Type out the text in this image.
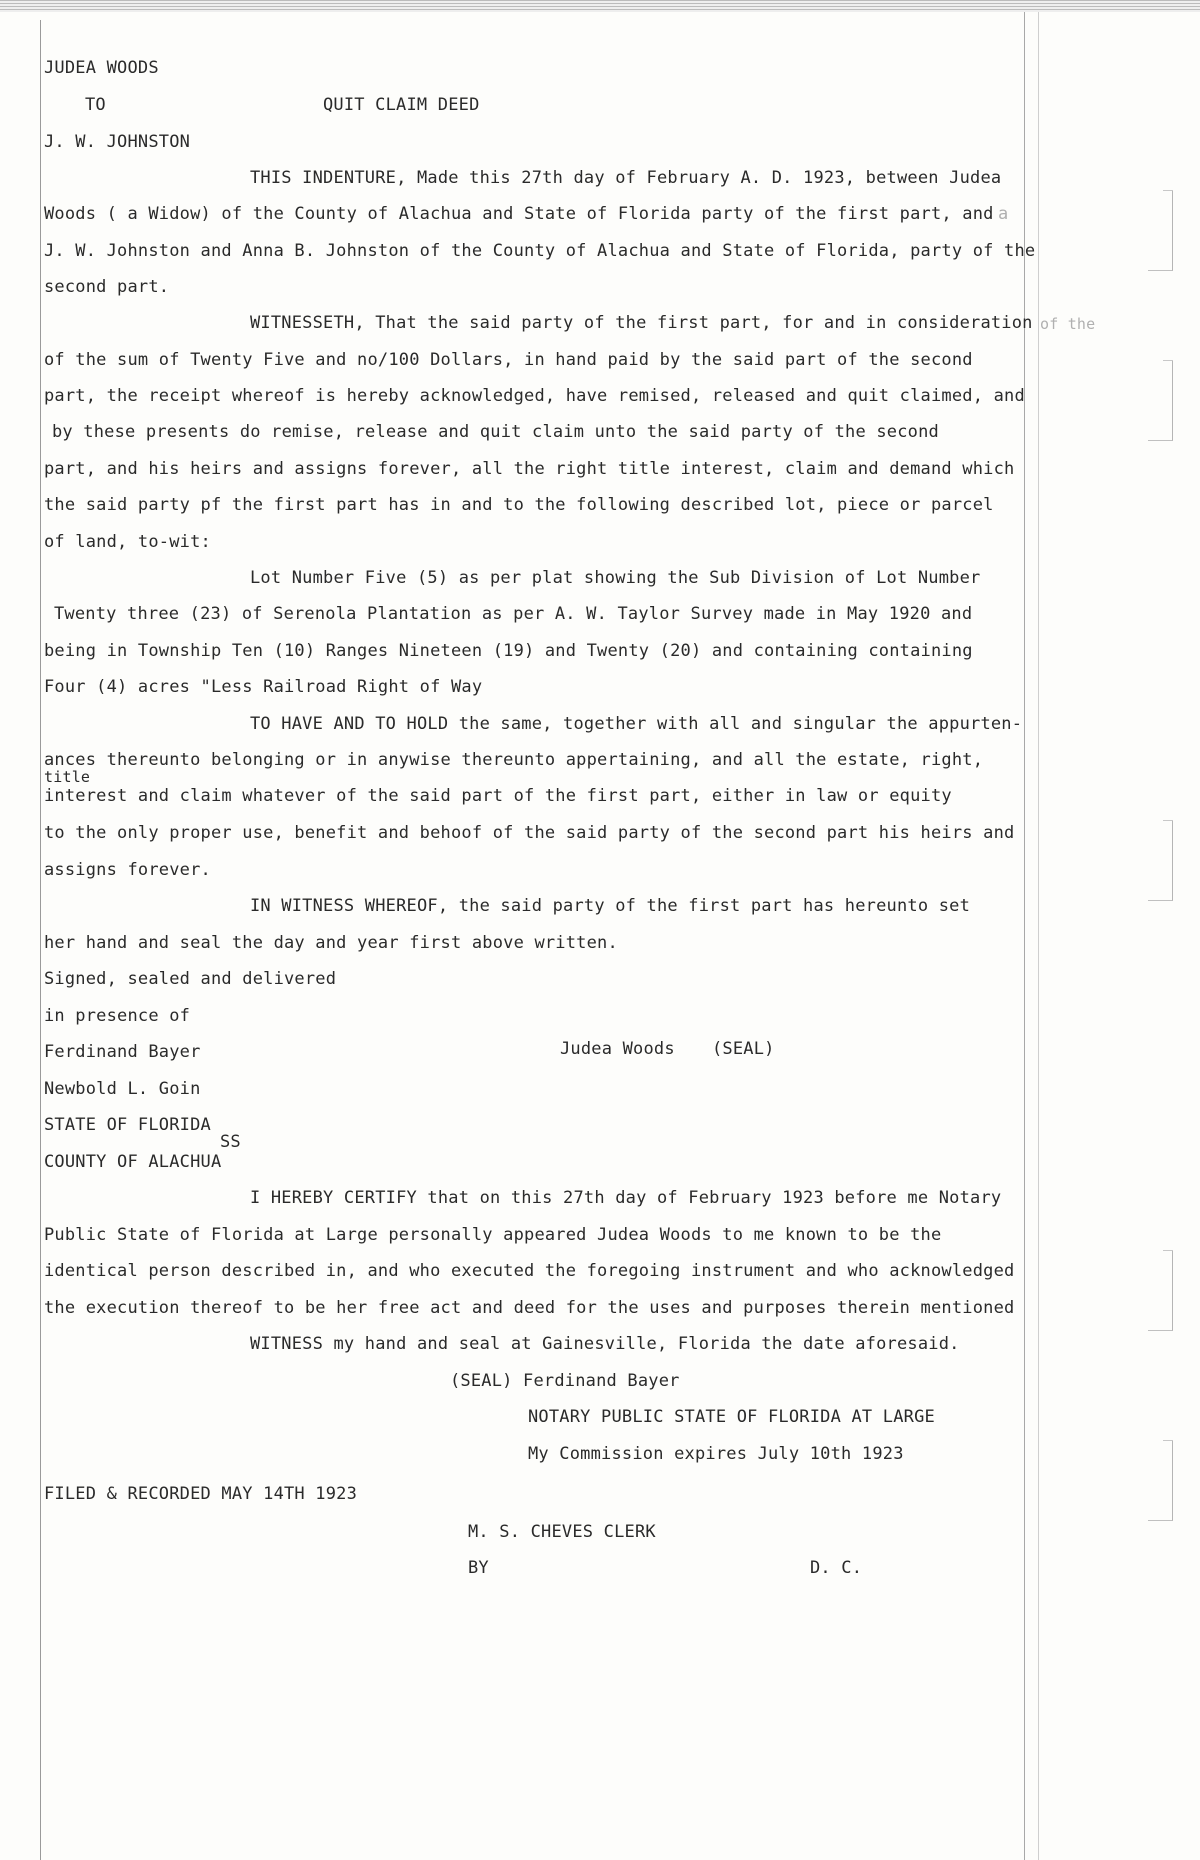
JUDEA WOODS
TO	QUIT CLAIM DEED
J. W. JOHNSTON
THIS INDENTURE, Made this 27th day of February A. D. 1923, between Judea
Woods ( a Widow) of the County of Alachua and State of Florida party of the first part, and a
J. W. Johnston and Anna B. Johnston of the County of Alachua and State of Florida, party of the
second part.
WITNESSETH, That the said party of the first part, for and in consideration of the
of the sum of Twenty Five and no/100 Dollars, in hand paid by the said part of the second
part, the receipt whereof is hereby acknowledged, have remised, released and quit claimed, and
by these presents do remise, release and quit claim unto the said party of the second
part, and his heirs and assigns forever, all the right title interest, claim and demand which
the said party pf the first part has in and to the following described lot, piece or parcel
of land, to-wit:
Lot Number Five (5) as per plat showing the Sub Division of Lot Number
Twenty three (23) of Serenola Plantation as per A. W. Taylor Survey made in May 1920 and
being in Township Ten (10) Ranges Nineteen (19) and Twenty (20) and containing containing
Four (4) acres "Less Railroad Right of Way
TO HAVE AND TO HOLD the same, together with all and singular the appurten-
ances thereunto belonging or in anywise thereunto appertaining, and all the estate, right,
title
interest and claim whatever of the said part of the first part, either in law or equity
to the only proper use, benefit and behoof of the said party of the second part his heirs and
assigns forever.
IN WITNESS WHEREOF, the said party of the first part has hereunto set
her hand and seal the day and year first above written.
Signed, sealed and delivered
in presence of
Ferdinand Bayer	Judea Woods (SEAL)
Newbold L. Goin
STATE OF FLORIDA
SS
COUNTY OF ALACHUA
I HEREBY CERTIFY that on this 27th day of February 1923 before me Notary
Public State of Florida at Large personally appeared Judea Woods to me known to be the
identical person described in, and who executed the foregoing instrument and who acknowledged
the execution thereof to be her free act and deed for the uses and purposes therein mentioned
WITNESS my hand and seal at Gainesville, Florida the date aforesaid.
(SEAL) Ferdinand Bayer
NOTARY PUBLIC STATE OF FLORIDA AT LARGE
My Commission expires July 10th 1923
FILED & RECORDED MAY 14TH 1923
M. S. CHEVES CLERK
BY	D. C.
